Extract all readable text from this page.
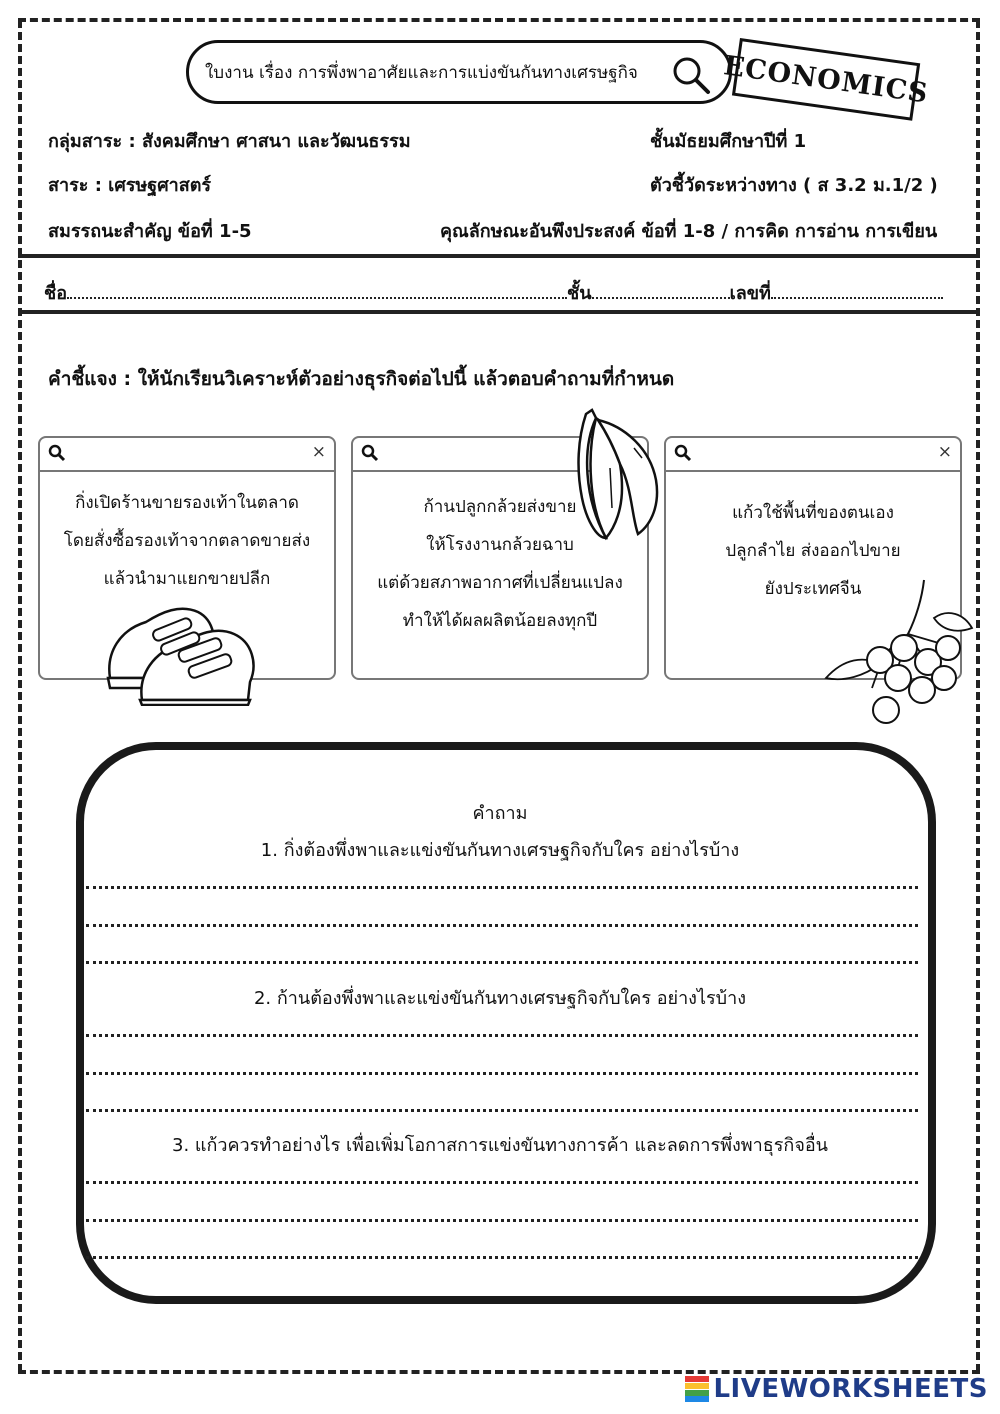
ใบงาน เรื่อง การพึ่งพาอาศัยและการแบ่งขันกันทางเศรษฐกิจ	ECONOMICS
กลุ่มสาระ : สังคมศึกษา ศาสนา และวัฒนธรรม	ชั้นมัธยมศึกษาปีที่ 1
สาระ : เศรษฐศาสตร์	ตัวชี้วัดระหว่างทาง ( ส 3.2 ม.1/2 )
สมรรถนะสำคัญ ข้อที่ 1-5	คุณลักษณะอันพึงประสงค์ ข้อที่ 1-8 / การคิด การอ่าน การเขียน
ชื่อ	ชั้น	เลขที่
คำชี้แจง : ให้นักเรียนวิเคราะห์ตัวอย่างธุรกิจต่อไปนี้ แล้วตอบคำถามที่กำหนด
×
กิ่งเปิดร้านขายรองเท้าในตลาด
โดยสั่งซื้อรองเท้าจากตลาดขายส่ง
แล้วนำมาแยกขายปลีก
ก้านปลูกกล้วยส่งขาย
ให้โรงงานกล้วยฉาบ
แต่ด้วยสภาพอากาศที่เปลี่ยนแปลง
ทำให้ได้ผลผลิตน้อยลงทุกปี
×
แก้วใช้พื้นที่ของตนเอง
ปลูกลำไย ส่งออกไปขาย
ยังประเทศจีน
คำถาม
1. กิ่งต้องพึ่งพาและแข่งขันกันทางเศรษฐกิจกับใคร อย่างไรบ้าง
2. ก้านต้องพึ่งพาและแข่งขันกันทางเศรษฐกิจกับใคร อย่างไรบ้าง
3. แก้วควรทำอย่างไร เพื่อเพิ่มโอกาสการแข่งขันทางการค้า และลดการพึ่งพาธุรกิจอื่น
LIVEWORKSHEETS
